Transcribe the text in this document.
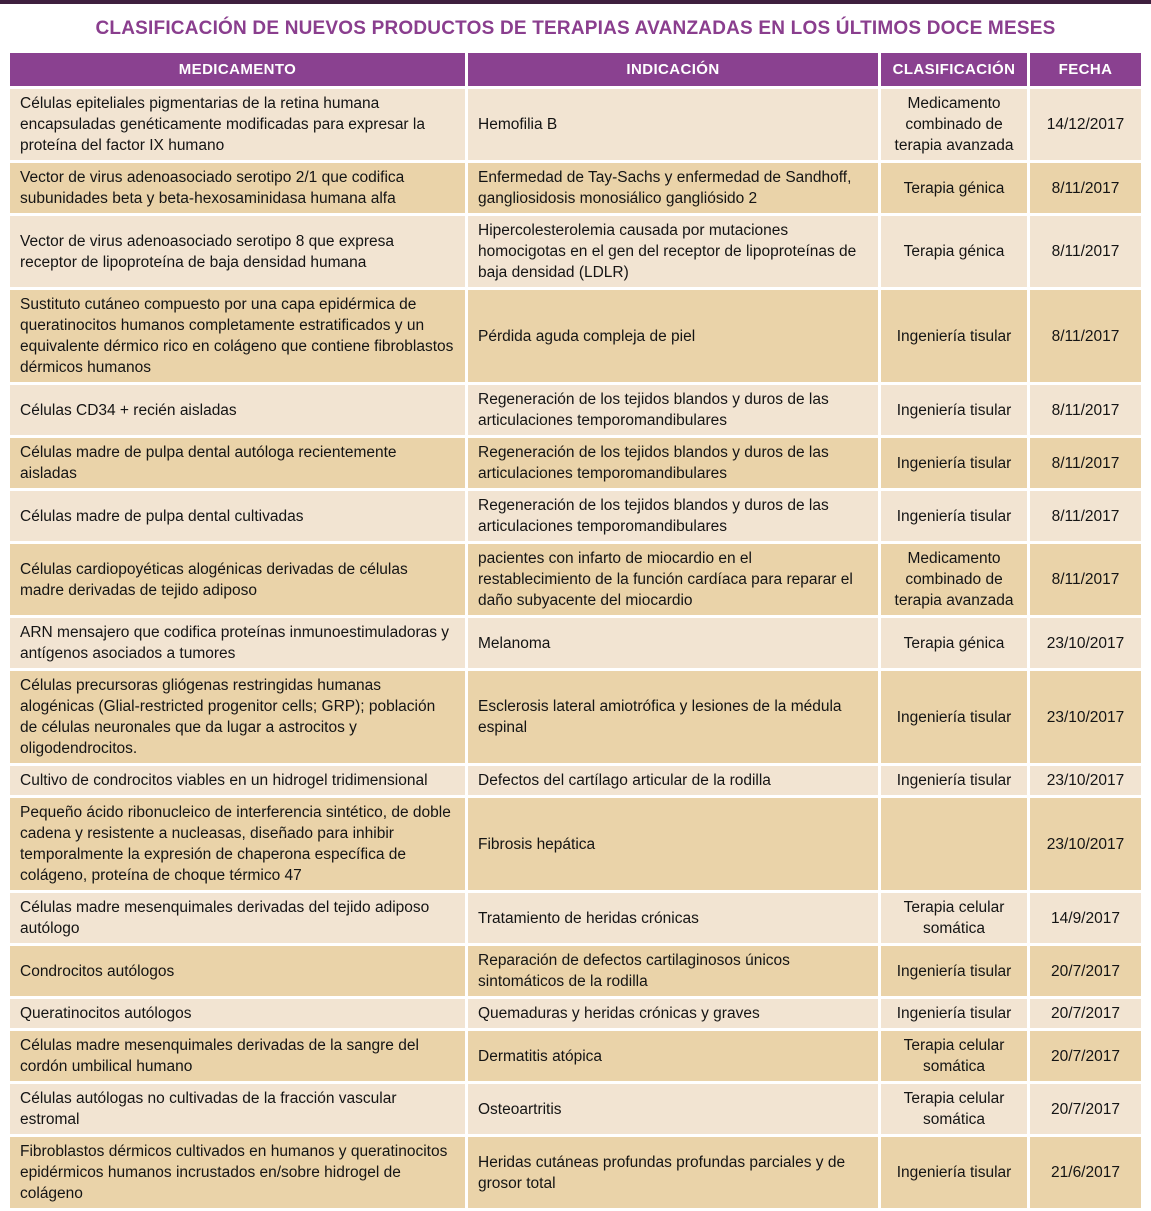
CLASIFICACIÓN DE NUEVOS PRODUCTOS DE TERAPIAS AVANZADAS EN LOS ÚLTIMOS DOCE MESES
MEDICAMENTO	INDICACIÓN	CLASIFICACIÓN	FECHA
Células epiteliales pigmentarias de la retina humana encapsuladas genéticamente modificadas para expresar la proteína del factor IX humano	Hemofilia B	Medicamento combinado de terapia avanzada	14/12/2017
Vector de virus adenoasociado serotipo 2/1 que codifica subunidades beta y beta-hexosaminidasa humana alfa	Enfermedad de Tay-Sachs y enfermedad de Sandhoff, gangliosidosis monosiálico gangliósido 2	Terapia génica	8/11/2017
Vector de virus adenoasociado serotipo 8 que expresa receptor de lipoproteína de baja densidad humana	Hipercolesterolemia causada por mutaciones homocigotas en el gen del receptor de lipoproteínas de baja densidad (LDLR)	Terapia génica	8/11/2017
Sustituto cutáneo compuesto por una capa epidérmica de queratinocitos humanos completamente estratificados y un equivalente dérmico rico en colágeno que contiene fibroblastos dérmicos humanos	Pérdida aguda compleja de piel	Ingeniería tisular	8/11/2017
Células CD34 + recién aisladas	Regeneración de los tejidos blandos y duros de las articulaciones temporomandibulares	Ingeniería tisular	8/11/2017
Células madre de pulpa dental autóloga recientemente aisladas	Regeneración de los tejidos blandos y duros de las articulaciones temporomandibulares	Ingeniería tisular	8/11/2017
Células madre de pulpa dental cultivadas	Regeneración de los tejidos blandos y duros de las articulaciones temporomandibulares	Ingeniería tisular	8/11/2017
Células cardiopoyéticas alogénicas derivadas de células madre derivadas de tejido adiposo	pacientes con infarto de miocardio en el restablecimiento de la función cardíaca para reparar el daño subyacente del miocardio	Medicamento combinado de terapia avanzada	8/11/2017
ARN mensajero que codifica proteínas inmunoestimuladoras y antígenos asociados a tumores	Melanoma	Terapia génica	23/10/2017
Células precursoras gliógenas restringidas humanas alogénicas (Glial-restricted progenitor cells; GRP); población de células neuronales que da lugar a astrocitos y oligodendrocitos.	Esclerosis lateral amiotrófica y lesiones de la médula espinal	Ingeniería tisular	23/10/2017
Cultivo de condrocitos viables en un hidrogel tridimensional	Defectos del cartílago articular de la rodilla	Ingeniería tisular	23/10/2017
Pequeño ácido ribonucleico de interferencia sintético, de doble cadena y resistente a nucleasas, diseñado para inhibir temporalmente la expresión de chaperona específica de colágeno, proteína de choque térmico 47	Fibrosis hepática		23/10/2017
Células madre mesenquimales derivadas del tejido adiposo autólogo	Tratamiento de heridas crónicas	Terapia celular somática	14/9/2017
Condrocitos autólogos	Reparación de defectos cartilaginosos únicos sintomáticos de la rodilla	Ingeniería tisular	20/7/2017
Queratinocitos autólogos	Quemaduras y heridas crónicas y graves	Ingeniería tisular	20/7/2017
Células madre mesenquimales derivadas de la sangre del cordón umbilical humano	Dermatitis atópica	Terapia celular somática	20/7/2017
Células autólogas no cultivadas de la fracción vascular estromal	Osteoartritis	Terapia celular somática	20/7/2017
Fibroblastos dérmicos cultivados en humanos y queratinocitos epidérmicos humanos incrustados en/sobre hidrogel de colágeno	Heridas cutáneas profundas profundas parciales y de grosor total	Ingeniería tisular	21/6/2017
